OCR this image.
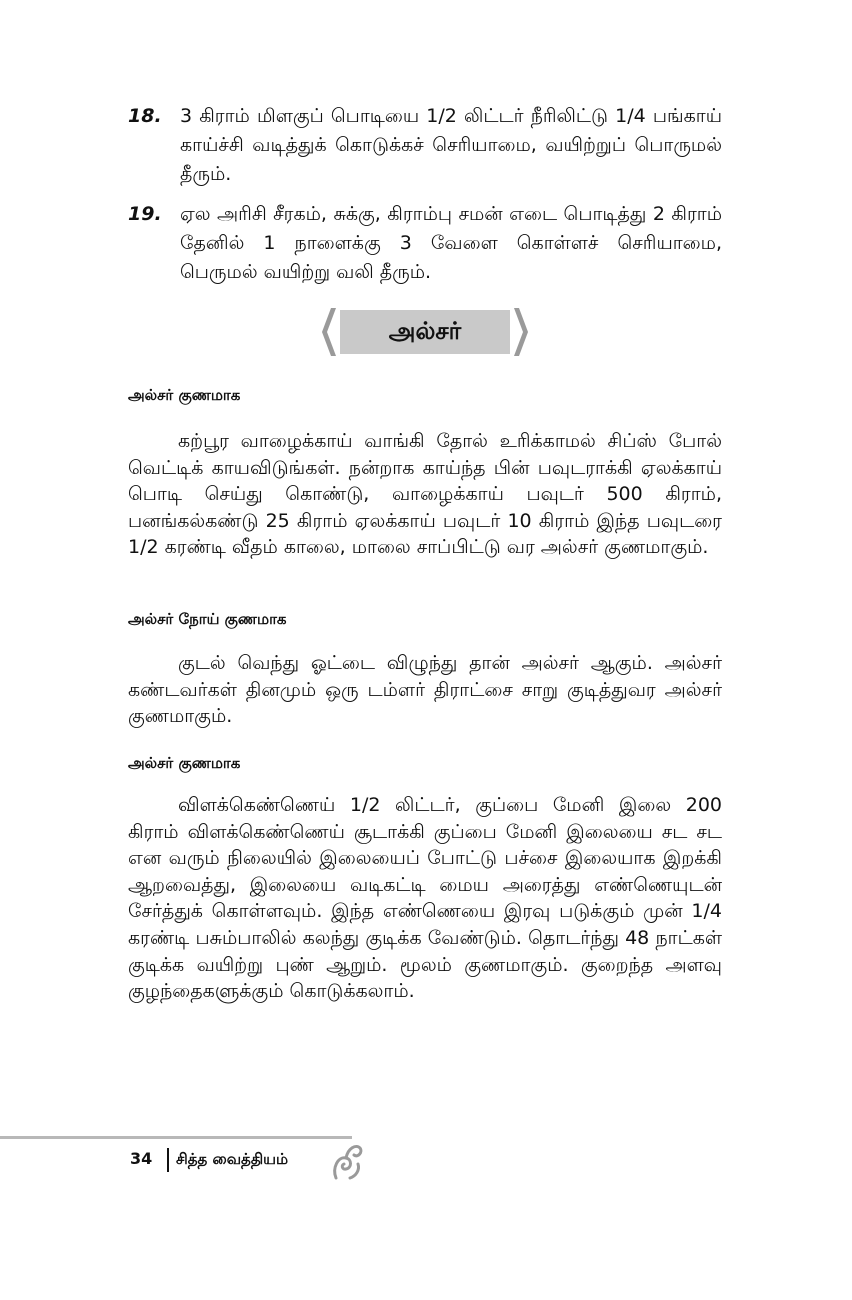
18. 3 கிராம் மிளகுப் பொடியை 1/2 லிட்டர் நீரிலிட்டு 1/4 பங்காய் காய்ச்சி வடித்துக் கொடுக்கச் செரியாமை, வயிற்றுப் பொருமல் தீரும்.
19. ஏல அரிசி சீரகம், சுக்கு, கிராம்பு சமன் எடை பொடித்து 2 கிராம் தேனில் 1 நாளைக்கு 3 வேளை கொள்ளச் செரியாமை, பெருமல் வயிற்று வலி தீரும்.
அல்சர்
அல்சர் குணமாக
கற்பூர வாழைக்காய் வாங்கி தோல் உரிக்காமல் சிப்ஸ் போல் வெட்டிக் காயவிடுங்கள். நன்றாக காய்ந்த பின் பவுடராக்கி ஏலக்காய் பொடி செய்து கொண்டு, வாழைக்காய் பவுடர் 500 கிராம், பனங்கல்கண்டு 25 கிராம் ஏலக்காய் பவுடர் 10 கிராம் இந்த பவுடரை 1/2 கரண்டி வீதம் காலை, மாலை சாப்பிட்டு வர அல்சர் குணமாகும்.
அல்சர் நோய் குணமாக
குடல் வெந்து ஓட்டை விழுந்து தான் அல்சர் ஆகும். அல்சர் கண்டவர்கள் தினமும் ஒரு டம்ளர் திராட்சை சாறு குடித்துவர அல்சர் குணமாகும்.
அல்சர் குணமாக
விளக்கெண்ணெய் 1/2 லிட்டர், குப்பை மேனி இலை 200 கிராம் விளக்கெண்ணெய் சூடாக்கி குப்பை மேனி இலையை சட சட என வரும் நிலையில் இலையைப் போட்டு பச்சை இலையாக இறக்கி ஆறவைத்து, இலையை வடிகட்டி மைய அரைத்து எண்ணெயுடன் சேர்த்துக் கொள்ளவும். இந்த எண்ணெயை இரவு படுக்கும் முன் 1/4 கரண்டி பசும்பாலில் கலந்து குடிக்க வேண்டும். தொடர்ந்து 48 நாட்கள் குடிக்க வயிற்று புண் ஆறும். மூலம் குணமாகும். குறைந்த அளவு குழந்தைகளுக்கும் கொடுக்கலாம்.
34 சித்த வைத்தியம்
